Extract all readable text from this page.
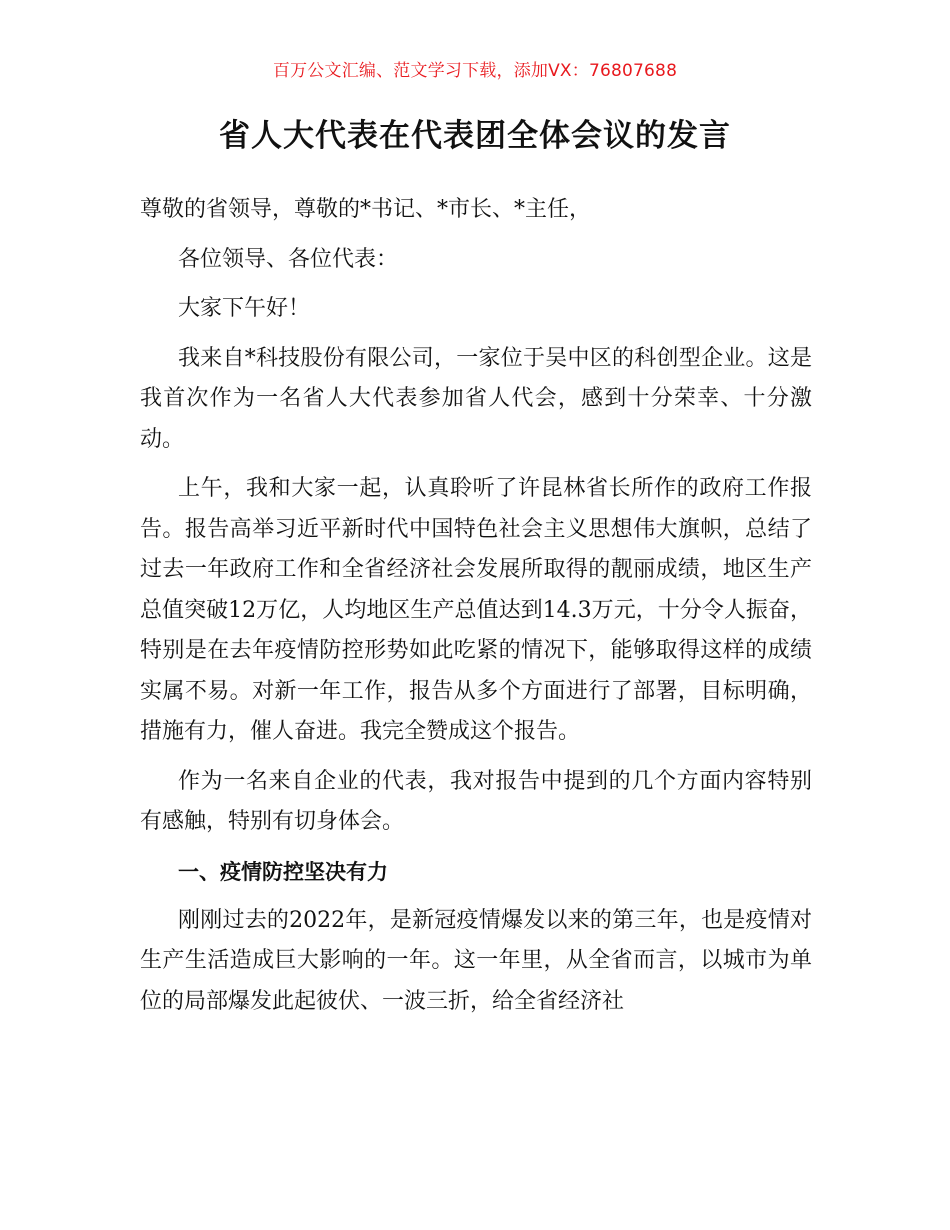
百万公文汇编、范文学习下载，添加VX：76807688
省人大代表在代表团全体会议的发言

尊敬的省领导，尊敬的*书记、*市长、*主任，

各位领导、各位代表：

大家下午好！

我来自*科技股份有限公司，一家位于吴中区的科创型企业。这是我首次作为一名省人大代表参加省人代会，感到十分荣幸、十分激动。

上午，我和大家一起，认真聆听了许昆林省长所作的政府工作报告。报告高举习近平新时代中国特色社会主义思想伟大旗帜，总结了过去一年政府工作和全省经济社会发展所取得的靓丽成绩，地区生产总值突破12万亿，人均地区生产总值达到14.3万元，十分令人振奋，特别是在去年疫情防控形势如此吃紧的情况下，能够取得这样的成绩实属不易。对新一年工作，报告从多个方面进行了部署，目标明确，措施有力，催人奋进。我完全赞成这个报告。

作为一名来自企业的代表，我对报告中提到的几个方面内容特别有感触，特别有切身体会。

一、疫情防控坚决有力

刚刚过去的2022年，是新冠疫情爆发以来的第三年，也是疫情对生产生活造成巨大影响的一年。这一年里，从全省而言，以城市为单位的局部爆发此起彼伏、一波三折，给全省经济社
